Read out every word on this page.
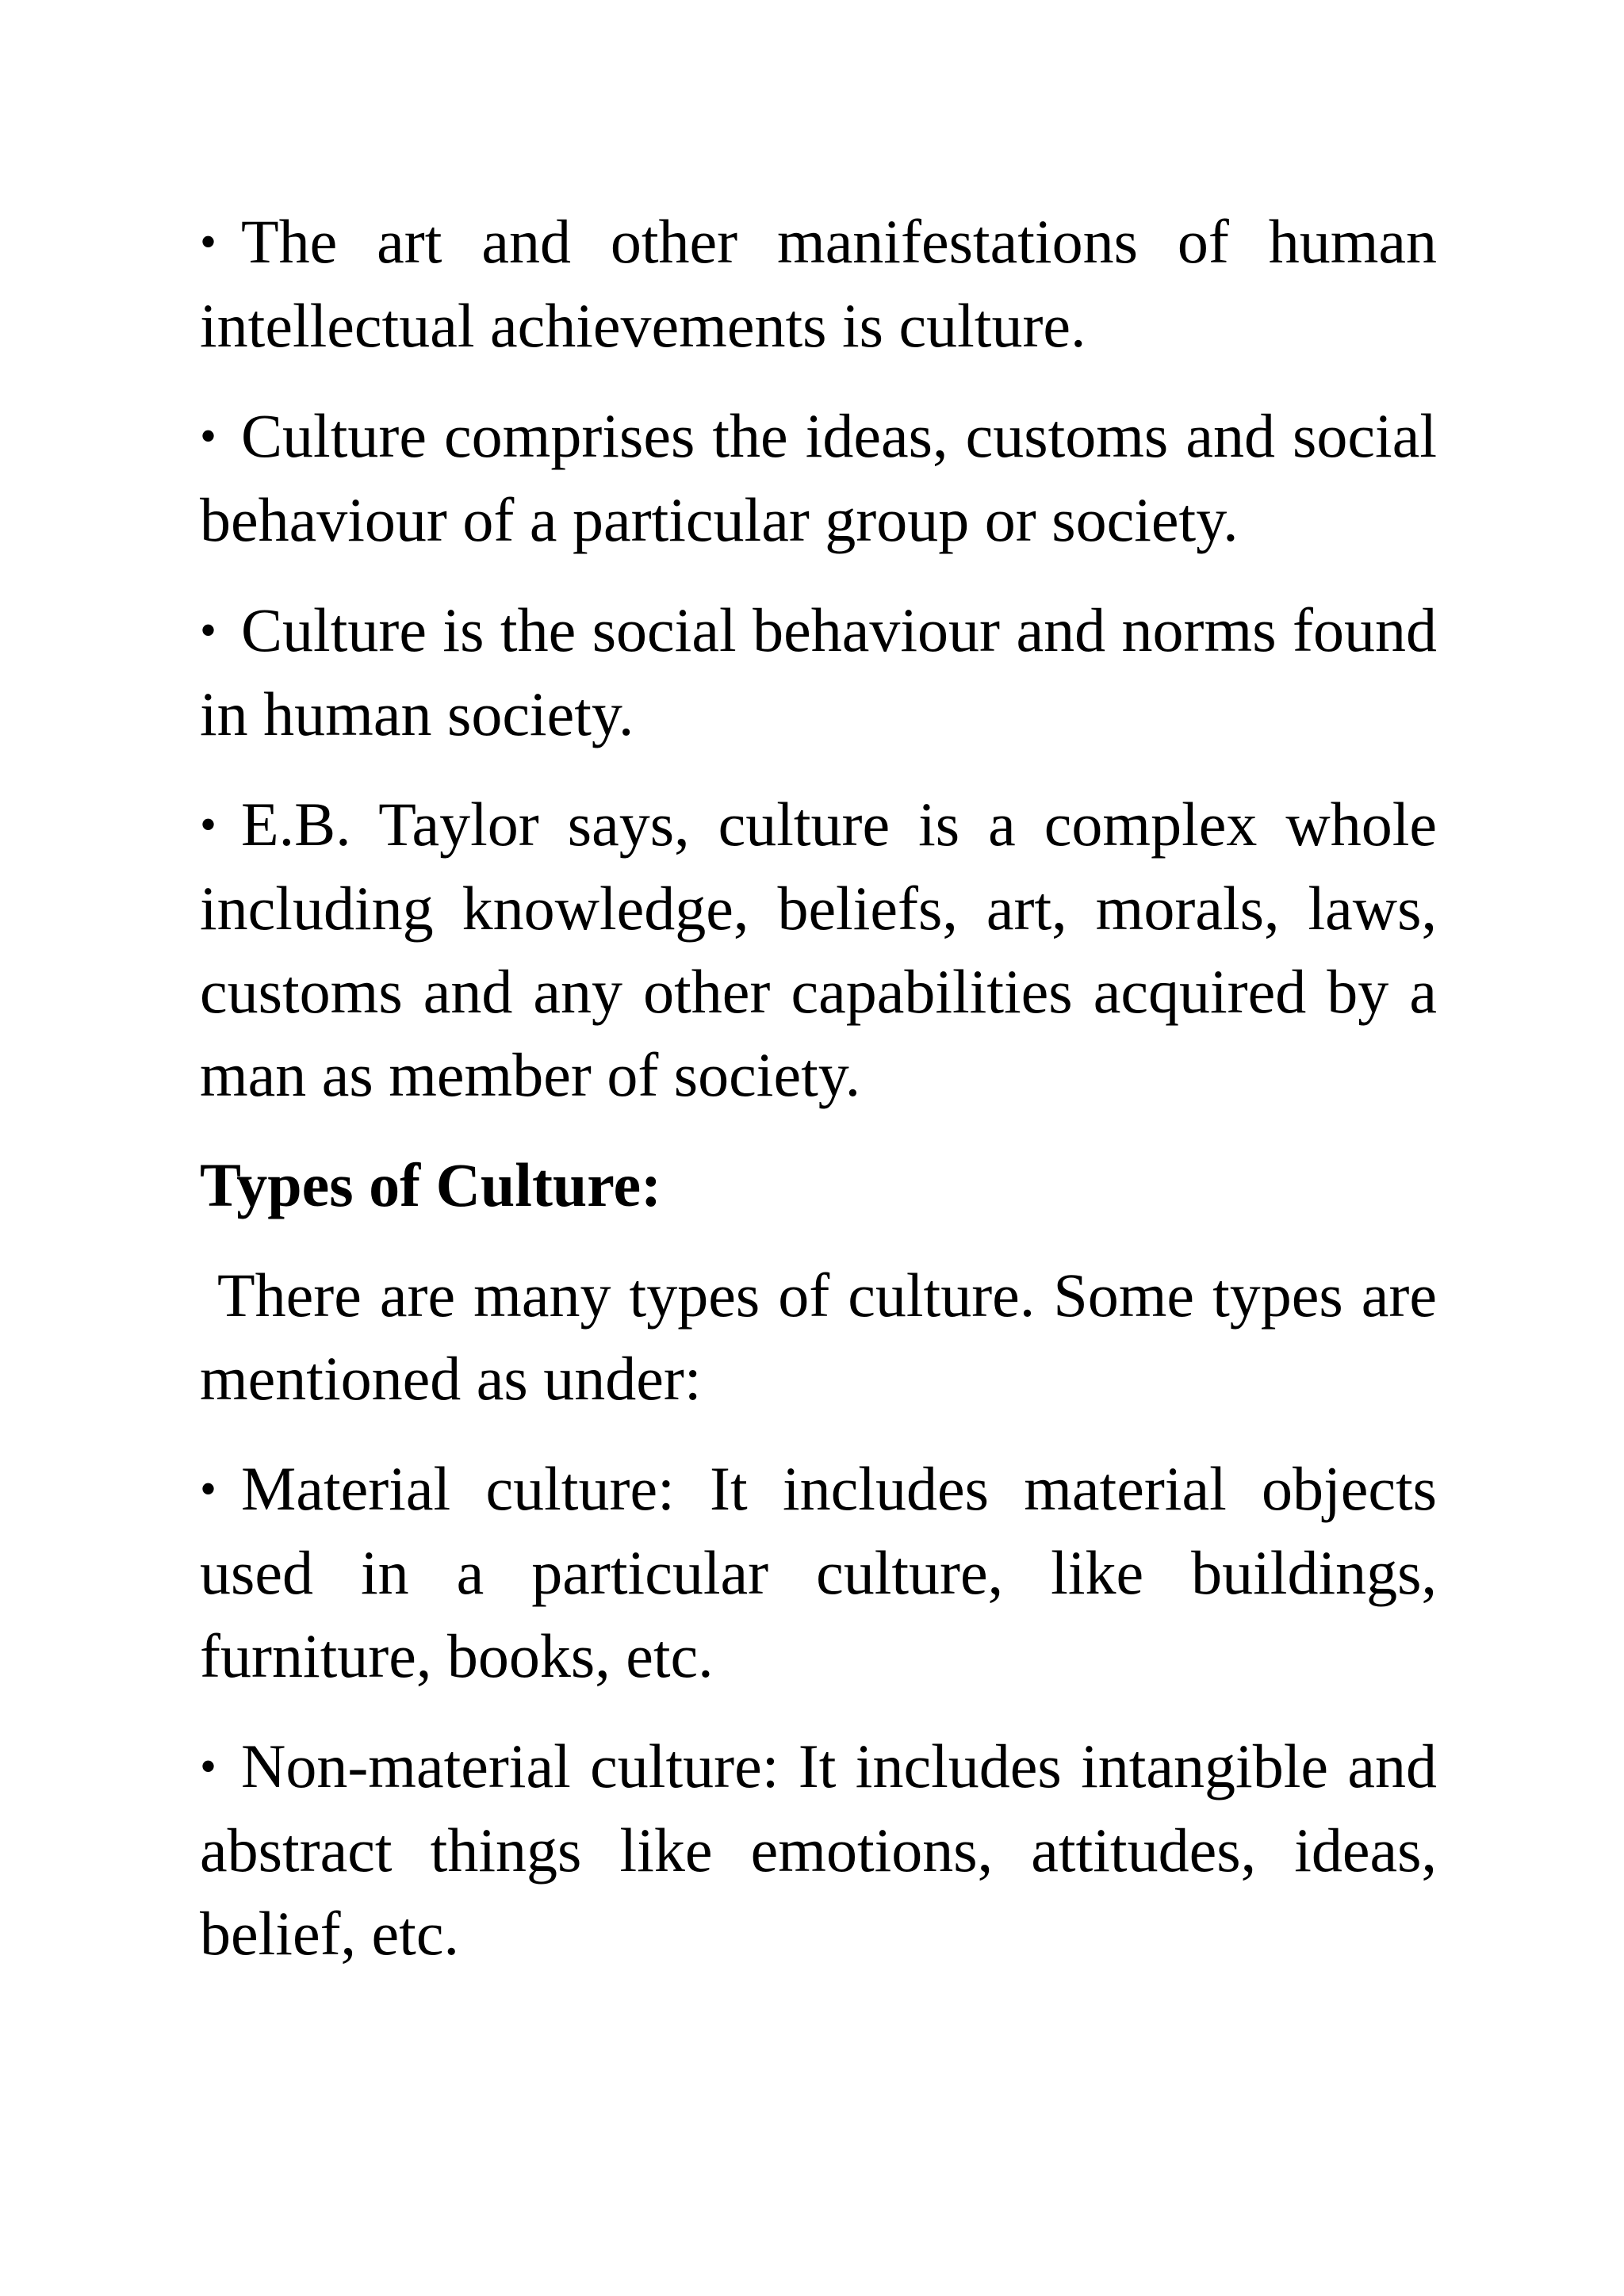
• The art and other manifestations of human intellectual achievements is culture.

• Culture comprises the ideas, customs and social behaviour of a particular group or society.

• Culture is the social behaviour and norms found in human society.

• E.B. Taylor says, culture is a complex whole including knowledge, beliefs, art, morals, laws, customs and any other capabilities acquired by a man as member of society.

Types of Culture:

There are many types of culture. Some types are mentioned as under:

• Material culture: It includes material objects used in a particular culture, like buildings, furniture, books, etc.

• Non-material culture: It includes intangible and abstract things like emotions, attitudes, ideas, belief, etc.
